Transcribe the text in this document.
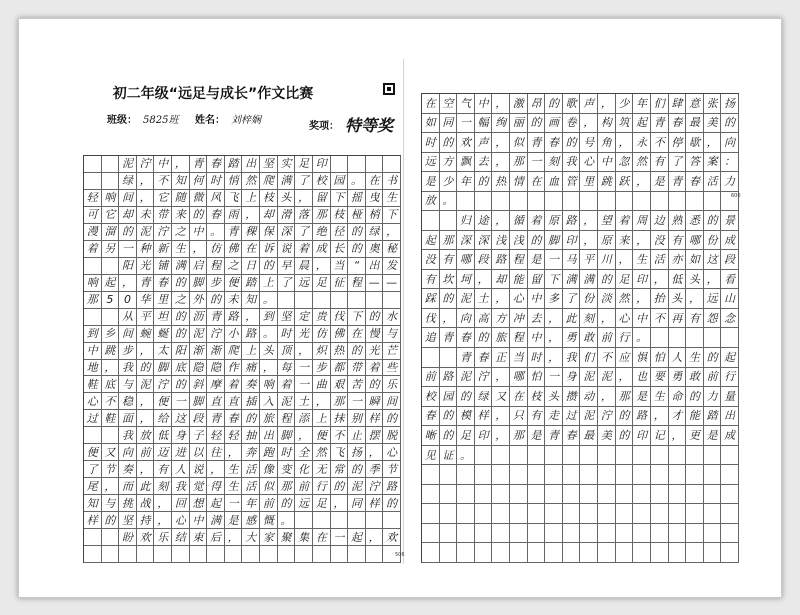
初二年级“远足与成长”作文比赛
班级： 5825班 姓名： 刘梓娴
奖项： 特等奖
泥 泞 中 ， 青 春 踏 出 坚 实 足 印
绿 ， 不 知 何 时 悄 然 爬 满 了 校 园 。 在 书
轻 响 间 ， 它 随 微 风 飞 上 枝 头 ， 留 下 摇 曳 生
可 它 却 未 带 来 的 春 雨 ， 却 滑 落 那 枝 桠 梢 下
漫 溜 的 泥 泞 之 中 。 青 稞 保 深 了 绝 径 的 绿 ，
着 另 一 种 新 生 ， 仿 佛 在 诉 说 着 成 长 的 奥 秘
阳 光 铺 满 启 程 之 日 的 早 晨 ， 当 “ 出 发
响 起 ， 青 春 的 脚 步 便 踏 上 了 远 足 征 程 — —
那 5 0 华 里 之 外 的 未 知 。
从 平 坦 的 沥 青 路 ， 到 坚 定 贵 伐 下 的 水
到 乡 间 蜿 蜒 的 泥 泞 小 路 。 时 光 仿 佛 在 慢 与
中 跳 步 ， 太 阳 渐 渐 爬 上 头 顶 ， 炽 热 的 光 芒
地 ， 我 的 脚 底 隐 隐 作 痛 ， 每 一 步 都 带 着 些
鞋 底 与 泥 泞 的 斜 摩 着 奏 响 着 一 曲 艰 苦 的 乐
心 不 稳 ， 便 一 脚 直 直 插 入 泥 土 ， 那 一 瞬 间
过 鞋 面 ， 给 这 段 青 春 的 旅 程 添 上 抹 别 样 的
我 放 低 身 子 轻 轻 抽 出 脚 ， 便 不 止 摆 脱
便 又 向 前 迈 进 以 往 ， 奔 跑 时 全 然 飞 扬 ， 心
了 节 奏 ， 有 人 说 ， 生 活 像 变 化 无 常 的 季 节
尾 ， 而 此 刻 我 觉 得 生 活 似 那 前 行 的 泥 泞 路
知 与 挑 战 ， 回 想 起 一 年 前 的 远 足 ， 同 样 的
样 的 坚 持 ， 心 中 满 是 感 慨 。
盼 欢 乐 结 束 后 ， 大 家 聚 集 在 一 起 ， 欢
在 空 气 中 ， 激 昂 的 歌 声 ， 少 年 们 肆 意 张 扬
如 同 一 幅 绚 丽 的 画 卷 ， 构 筑 起 青 春 最 美 的
时 的 欢 声 ， 似 青 春 的 号 角 ， 永 不 停 歇 ， 向
远 方 飘 去 ， 那 一 刻 我 心 中 忽 然 有 了 答 案 ：
是 少 年 的 热 情 在 血 管 里 跳 跃 ， 是 青 春 活 力
放 。
归 途 ， 循 着 原 路 ， 望 着 周 边 熟 悉 的 景
起 那 深 深 浅 浅 的 脚 印 ， 原 来 ， 没 有 哪 份 成
没 有 哪 段 路 程 是 一 马 平 川 ， 生 活 亦 如 这 段
有 坎 坷 ， 却 能 留 下 满 满 的 足 印 ， 低 头 ， 看
踩 的 泥 土 ， 心 中 多 了 份 淡 然 ， 抬 头 ， 远 山
伐 ， 向 高 方 冲 去 ， 此 刻 ， 心 中 不 再 有 怨 念
追 青 春 的 旅 程 中 ， 勇 敢 前 行 。
青 春 正 当 时 ， 我 们 不 应 惧 怕 人 生 的 起
前 路 泥 泞 ， 哪 怕 一 身 泥 泥 ， 也 要 勇 敢 前 行
校 园 的 绿 又 在 枝 头 攒 动 ， 那 是 生 命 的 力 量
春 的 模 样 ， 只 有 走 过 泥 泞 的 路 ， 才 能 踏 出
晰 的 足 印 ， 那 是 青 春 最 美 的 印 记 ， 更 是 成
见 证 。
506
600
